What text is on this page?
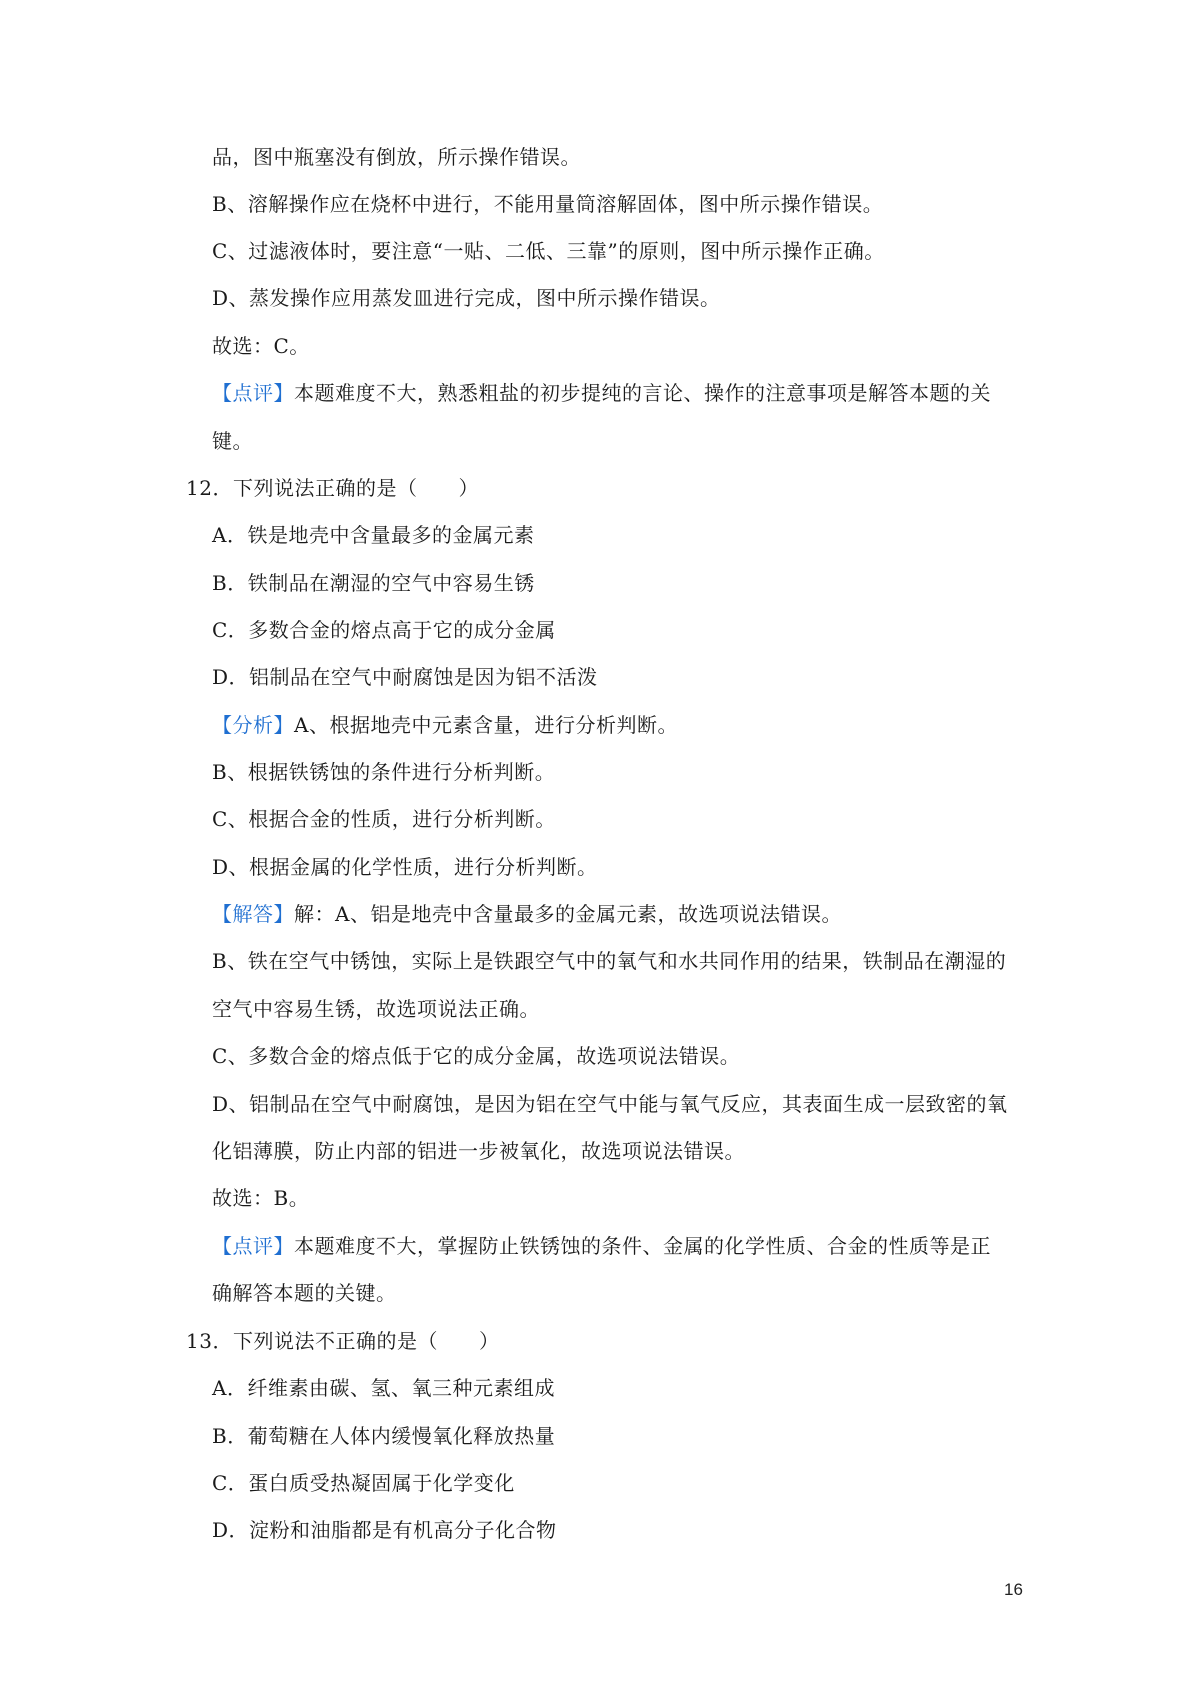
品，图中瓶塞没有倒放，所示操作错误。
B、溶解操作应在烧杯中进行，不能用量筒溶解固体，图中所示操作错误。
C、过滤液体时，要注意“一贴、二低、三靠”的原则，图中所示操作正确。
D、蒸发操作应用蒸发皿进行完成，图中所示操作错误。
故选：C。
【点评】本题难度不大，熟悉粗盐的初步提纯的言论、操作的注意事项是解答本题的关
键。
12．下列说法正确的是（　　）
A．铁是地壳中含量最多的金属元素
B．铁制品在潮湿的空气中容易生锈
C．多数合金的熔点高于它的成分金属
D．铝制品在空气中耐腐蚀是因为铝不活泼
【分析】A、根据地壳中元素含量，进行分析判断。
B、根据铁锈蚀的条件进行分析判断。
C、根据合金的性质，进行分析判断。
D、根据金属的化学性质，进行分析判断。
【解答】解：A、铝是地壳中含量最多的金属元素，故选项说法错误。
B、铁在空气中锈蚀，实际上是铁跟空气中的氧气和水共同作用的结果，铁制品在潮湿的
空气中容易生锈，故选项说法正确。
C、多数合金的熔点低于它的成分金属，故选项说法错误。
D、铝制品在空气中耐腐蚀，是因为铝在空气中能与氧气反应，其表面生成一层致密的氧
化铝薄膜，防止内部的铝进一步被氧化，故选项说法错误。
故选：B。
【点评】本题难度不大，掌握防止铁锈蚀的条件、金属的化学性质、合金的性质等是正
确解答本题的关键。
13．下列说法不正确的是（　　）
A．纤维素由碳、氢、氧三种元素组成
B．葡萄糖在人体内缓慢氧化释放热量
C．蛋白质受热凝固属于化学变化
D．淀粉和油脂都是有机高分子化合物
16
